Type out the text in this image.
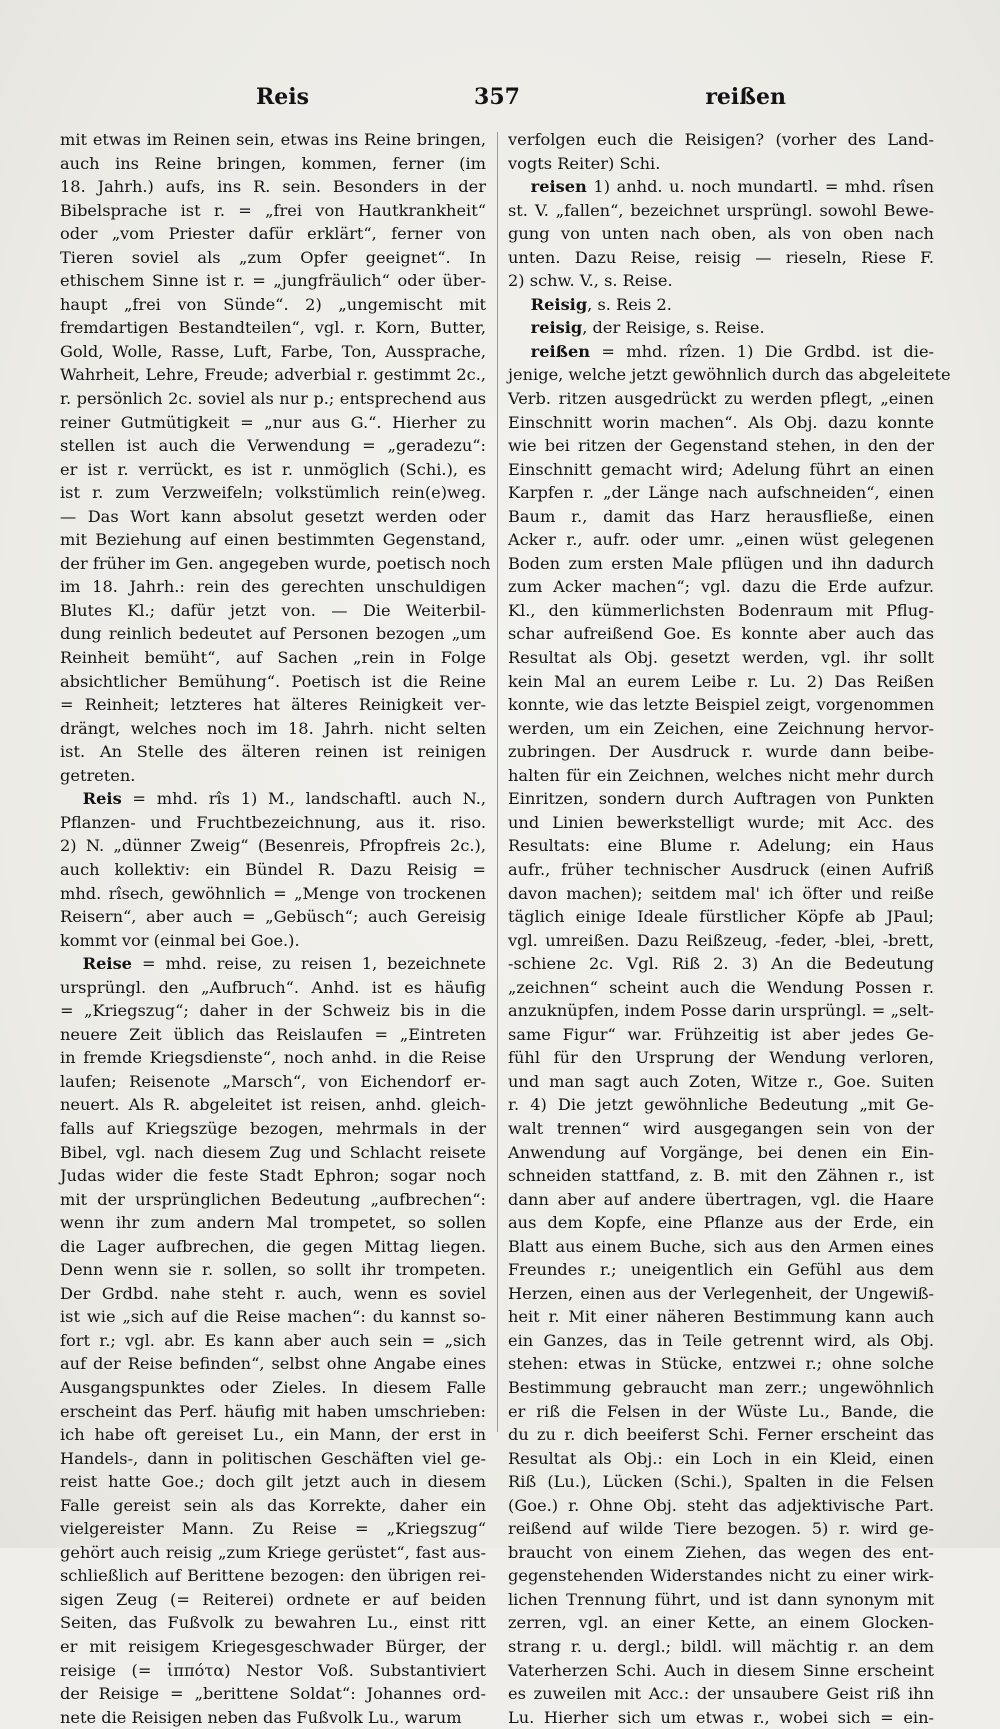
Reis	357	reißen
mit etwas im Reinen sein, etwas ins Reine bringen,
auch ins Reine bringen, kommen, ferner (im
18. Jahrh.) aufs, ins R. sein. Besonders in der
Bibelsprache ist r. = „frei von Hautkrankheit“
oder „vom Priester dafür erklärt“, ferner von
Tieren soviel als „zum Opfer geeignet“. In
ethischem Sinne ist r. = „jungfräulich“ oder über-
haupt „frei von Sünde“. 2) „ungemischt mit
fremdartigen Bestandteilen“, vgl. r. Korn, Butter,
Gold, Wolle, Rasse, Luft, Farbe, Ton, Aussprache,
Wahrheit, Lehre, Freude; adverbial r. gestimmt 2c.,
r. persönlich 2c. soviel als nur p.; entsprechend aus
reiner Gutmütigkeit = „nur aus G.“. Hierher zu
stellen ist auch die Verwendung = „geradezu“:
er ist r. verrückt, es ist r. unmöglich (Schi.), es
ist r. zum Verzweifeln; volkstümlich rein(e)weg.
— Das Wort kann absolut gesetzt werden oder
mit Beziehung auf einen bestimmten Gegenstand,
der früher im Gen. angegeben wurde, poetisch noch
im 18. Jahrh.: rein des gerechten unschuldigen
Blutes Kl.; dafür jetzt von. — Die Weiterbil-
dung reinlich bedeutet auf Personen bezogen „um
Reinheit bemüht“, auf Sachen „rein in Folge
absichtlicher Bemühung“. Poetisch ist die Reine
= Reinheit; letzteres hat älteres Reinigkeit ver-
drängt, welches noch im 18. Jahrh. nicht selten
ist. An Stelle des älteren reinen ist reinigen
getreten.
Reis = mhd. rîs 1) M., landschaftl. auch N.,
Pflanzen- und Fruchtbezeichnung, aus it. riso.
2) N. „dünner Zweig“ (Besenreis, Pfropfreis 2c.),
auch kollektiv: ein Bündel R. Dazu Reisig =
mhd. rîsech, gewöhnlich = „Menge von trockenen
Reisern“, aber auch = „Gebüsch“; auch Gereisig
kommt vor (einmal bei Goe.).
Reise = mhd. reise, zu reisen 1, bezeichnete
ursprüngl. den „Aufbruch“. Anhd. ist es häufig
= „Kriegszug“; daher in der Schweiz bis in die
neuere Zeit üblich das Reislaufen = „Eintreten
in fremde Kriegsdienste“, noch anhd. in die Reise
laufen; Reisenote „Marsch“, von Eichendorf er-
neuert. Als R. abgeleitet ist reisen, anhd. gleich-
falls auf Kriegszüge bezogen, mehrmals in der
Bibel, vgl. nach diesem Zug und Schlacht reisete
Judas wider die feste Stadt Ephron; sogar noch
mit der ursprünglichen Bedeutung „aufbrechen“:
wenn ihr zum andern Mal trompetet, so sollen
die Lager aufbrechen, die gegen Mittag liegen.
Denn wenn sie r. sollen, so sollt ihr trompeten.
Der Grdbd. nahe steht r. auch, wenn es soviel
ist wie „sich auf die Reise machen“: du kannst so-
fort r.; vgl. abr. Es kann aber auch sein = „sich
auf der Reise befinden“, selbst ohne Angabe eines
Ausgangspunktes oder Zieles. In diesem Falle
erscheint das Perf. häufig mit haben umschrieben:
ich habe oft gereiset Lu., ein Mann, der erst in
Handels-, dann in politischen Geschäften viel ge-
reist hatte Goe.; doch gilt jetzt auch in diesem
Falle gereist sein als das Korrekte, daher ein
vielgereister Mann. Zu Reise = „Kriegszug“
gehört auch reisig „zum Kriege gerüstet“, fast aus-
schließlich auf Berittene bezogen: den übrigen rei-
sigen Zeug (= Reiterei) ordnete er auf beiden
Seiten, das Fußvolk zu bewahren Lu., einst ritt
er mit reisigem Kriegesgeschwader Bürger, der
reisige (= ἱππότα) Nestor Voß. Substantiviert
der Reisige = „berittene Soldat“: Johannes ord-
nete die Reisigen neben das Fußvolk Lu., warum
verfolgen euch die Reisigen? (vorher des Land-
vogts Reiter) Schi.
reisen 1) anhd. u. noch mundartl. = mhd. rîsen
st. V. „fallen“, bezeichnet ursprüngl. sowohl Bewe-
gung von unten nach oben, als von oben nach
unten. Dazu Reise, reisig — rieseln, Riese F.
2) schw. V., s. Reise.
Reisig, s. Reis 2.
reisig, der Reisige, s. Reise.
reißen = mhd. rîzen. 1) Die Grdbd. ist die-
jenige, welche jetzt gewöhnlich durch das abgeleitete
Verb. ritzen ausgedrückt zu werden pflegt, „einen
Einschnitt worin machen“. Als Obj. dazu konnte
wie bei ritzen der Gegenstand stehen, in den der
Einschnitt gemacht wird; Adelung führt an einen
Karpfen r. „der Länge nach aufschneiden“, einen
Baum r., damit das Harz herausfließe, einen
Acker r., aufr. oder umr. „einen wüst gelegenen
Boden zum ersten Male pflügen und ihn dadurch
zum Acker machen“; vgl. dazu die Erde aufzur.
Kl., den kümmerlichsten Bodenraum mit Pflug-
schar aufreißend Goe. Es konnte aber auch das
Resultat als Obj. gesetzt werden, vgl. ihr sollt
kein Mal an eurem Leibe r. Lu. 2) Das Reißen
konnte, wie das letzte Beispiel zeigt, vorgenommen
werden, um ein Zeichen, eine Zeichnung hervor-
zubringen. Der Ausdruck r. wurde dann beibe-
halten für ein Zeichnen, welches nicht mehr durch
Einritzen, sondern durch Auftragen von Punkten
und Linien bewerkstelligt wurde; mit Acc. des
Resultats: eine Blume r. Adelung; ein Haus
aufr., früher technischer Ausdruck (einen Aufriß
davon machen); seitdem mal' ich öfter und reiße
täglich einige Ideale fürstlicher Köpfe ab JPaul;
vgl. umreißen. Dazu Reißzeug, -feder, -blei, -brett,
-schiene 2c. Vgl. Riß 2. 3) An die Bedeutung
„zeichnen“ scheint auch die Wendung Possen r.
anzuknüpfen, indem Posse darin ursprüngl. = „selt-
same Figur“ war. Frühzeitig ist aber jedes Ge-
fühl für den Ursprung der Wendung verloren,
und man sagt auch Zoten, Witze r., Goe. Suiten
r. 4) Die jetzt gewöhnliche Bedeutung „mit Ge-
walt trennen“ wird ausgegangen sein von der
Anwendung auf Vorgänge, bei denen ein Ein-
schneiden stattfand, z. B. mit den Zähnen r., ist
dann aber auf andere übertragen, vgl. die Haare
aus dem Kopfe, eine Pflanze aus der Erde, ein
Blatt aus einem Buche, sich aus den Armen eines
Freundes r.; uneigentlich ein Gefühl aus dem
Herzen, einen aus der Verlegenheit, der Ungewiß-
heit r. Mit einer näheren Bestimmung kann auch
ein Ganzes, das in Teile getrennt wird, als Obj.
stehen: etwas in Stücke, entzwei r.; ohne solche
Bestimmung gebraucht man zerr.; ungewöhnlich
er riß die Felsen in der Wüste Lu., Bande, die
du zu r. dich beeiferst Schi. Ferner erscheint das
Resultat als Obj.: ein Loch in ein Kleid, einen
Riß (Lu.), Lücken (Schi.), Spalten in die Felsen
(Goe.) r. Ohne Obj. steht das adjektivische Part.
reißend auf wilde Tiere bezogen. 5) r. wird ge-
braucht von einem Ziehen, das wegen des ent-
gegenstehenden Widerstandes nicht zu einer wirk-
lichen Trennung führt, und ist dann synonym mit
zerren, vgl. an einer Kette, an einem Glocken-
strang r. u. dergl.; bildl. will mächtig r. an dem
Vaterherzen Schi. Auch in diesem Sinne erscheint
es zuweilen mit Acc.: der unsaubere Geist riß ihn
Lu. Hierher sich um etwas r., wobei sich = ein-
